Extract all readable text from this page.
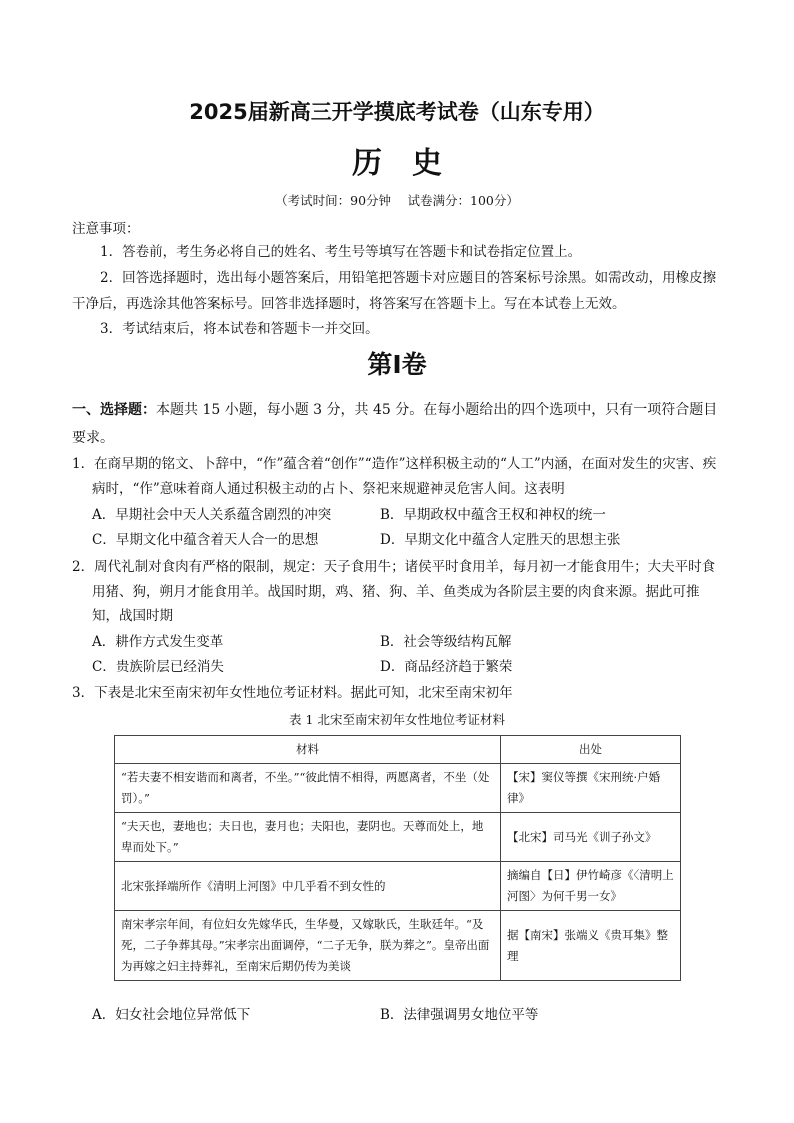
2025届新高三开学摸底考试卷（山东专用）
历史
（考试时间：90分钟　 试卷满分：100分）
注意事项：
1．答卷前，考生务必将自己的姓名、考生号等填写在答题卡和试卷指定位置上。
2．回答选择题时，选出每小题答案后，用铅笔把答题卡对应题目的答案标号涂黑。如需改动，用橡皮擦干净后，再选涂其他答案标号。回答非选择题时，将答案写在答题卡上。写在本试卷上无效。
3．考试结束后，将本试卷和答题卡一并交回。
第Ⅰ卷
一、选择题：本题共 15 小题，每小题 3 分，共 45 分。在每小题给出的四个选项中，只有一项符合题目要求。
1．在商早期的铭文、卜辞中，“作”蕴含着“创作”“造作”这样积极主动的“人工”内涵，在面对发生的灾害、疾病时，“作”意味着商人通过积极主动的占卜、祭祀来规避神灵危害人间。这表明
A．早期社会中天人关系蕴含剧烈的冲突	B．早期政权中蕴含王权和神权的统一
C．早期文化中蕴含着天人合一的思想	D．早期文化中蕴含人定胜天的思想主张
2．周代礼制对食肉有严格的限制，规定：天子食用牛；诸侯平时食用羊，每月初一才能食用牛；大夫平时食用猪、狗，朔月才能食用羊。战国时期，鸡、猪、狗、羊、鱼类成为各阶层主要的肉食来源。据此可推知，战国时期
A．耕作方式发生变革	B．社会等级结构瓦解
C．贵族阶层已经消失	D．商品经济趋于繁荣
3．下表是北宋至南宋初年女性地位考证材料。据此可知，北宋至南宋初年
表 1 北宋至南宋初年女性地位考证材料
材料	出处
“若夫妻不相安谐而和离者，不坐。”“彼此情不相得，两愿离者，不坐（处罚）。”	【宋】窦仪等撰《宋刑统·户婚律》
“夫天也，妻地也；夫日也，妻月也；夫阳也，妻阴也。天尊而处上，地卑而处下。”	【北宋】司马光《训子孙文》
北宋张择端所作《清明上河图》中几乎看不到女性的	摘编自【日】伊竹崎彦《〈清明上河图〉为何千男一女》
南宋孝宗年间，有位妇女先嫁华氏，生华曼，又嫁耿氏，生耿廷年。“及死，二子争葬其母。”宋孝宗出面调停，“二子无争，朕为葬之”。皇帝出面为再嫁之妇主持葬礼，至南宋后期仍传为美谈	据【南宋】张端义《贵耳集》整理
A．妇女社会地位异常低下	B．法律强调男女地位平等
